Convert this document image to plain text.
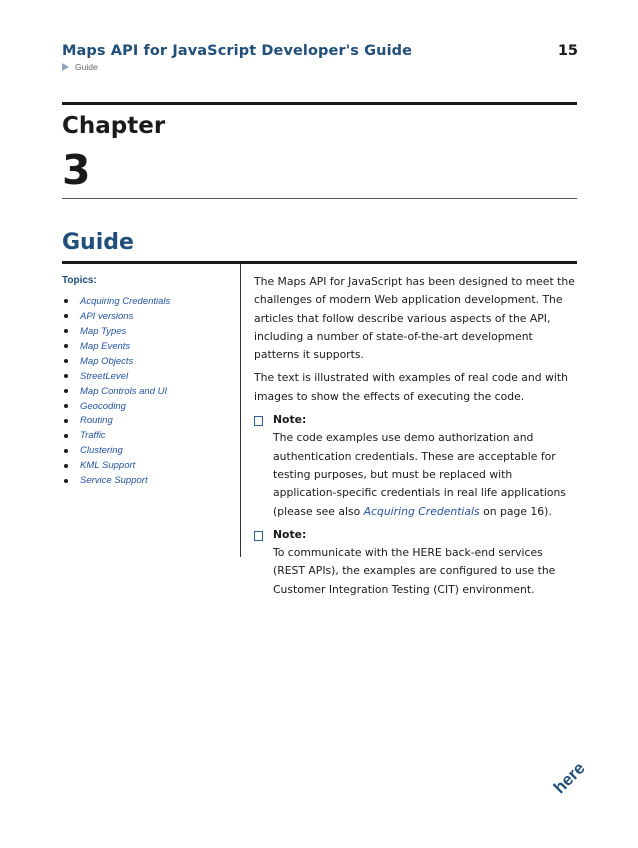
Maps API for JavaScript Developer's Guide	15
Guide
Chapter
3
Guide
Topics:
Acquiring Credentials
API versions
Map Types
Map Events
Map Objects
StreetLevel
Map Controls and UI
Geocoding
Routing
Traffic
Clustering
KML Support
Service Support

The Maps API for JavaScript has been designed to meet the challenges of modern Web application development. The articles that follow describe various aspects of the API, including a number of state-of-the-art development patterns it supports.

The text is illustrated with examples of real code and with images to show the effects of executing the code.

Note:
The code examples use demo authorization and authentication credentials. These are acceptable for testing purposes, but must be replaced with application-specific credentials in real life applications (please see also Acquiring Credentials on page 16).
Note:
To communicate with the HERE back-end services (REST APIs), the examples are configured to use the Customer Integration Testing (CIT) environment.
here
